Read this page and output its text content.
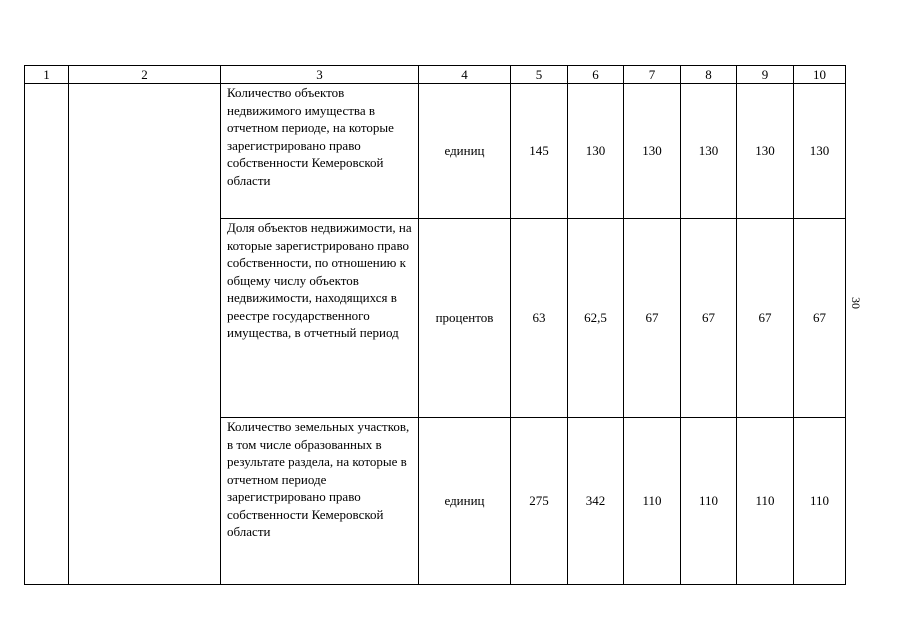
1	2	3	4	5	6	7	8	9	10
		Количество объектов недвижимого имущества в отчетном периоде, на которые зарегистрировано право собственности Кемеровской области	единиц	145	130	130	130	130	130
		Доля объектов недвижимости, на которые зарегистрировано право собственности, по отношению к общему числу объектов недвижимости, находящихся в реестре государственного имущества, в отчетный период	процентов	63	62,5	67	67	67	67
		Количество земельных участков, в том числе образованных в результате раздела, на которые в отчетном периоде зарегистрировано право собственности Кемеровской области	единиц	275	342	110	110	110	110
30
